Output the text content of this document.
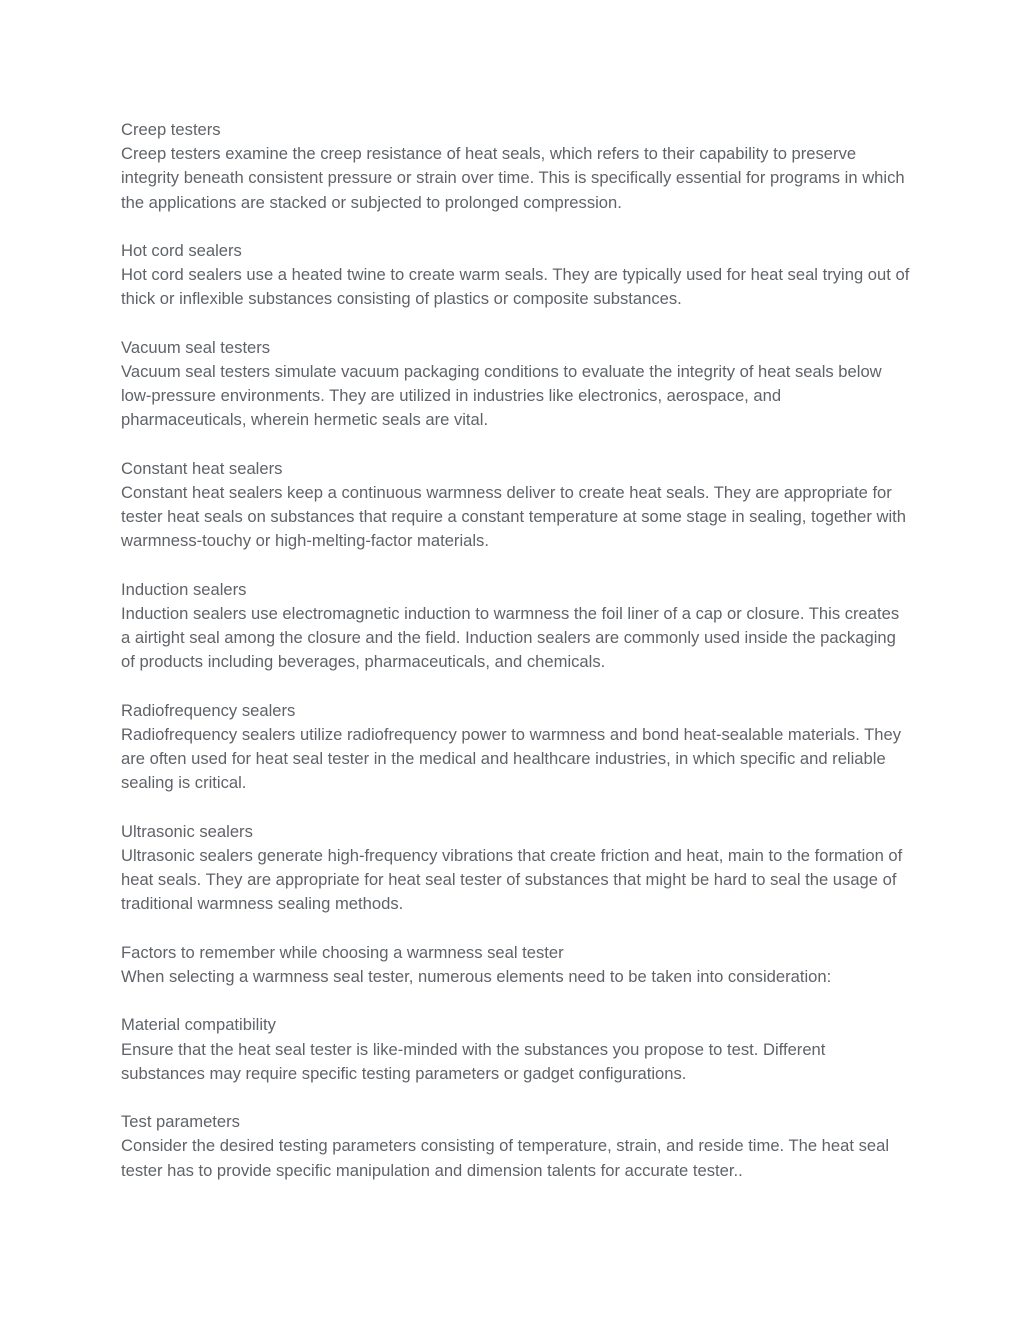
Creep testers

Creep testers examine the creep resistance of heat seals, which refers to their capability to preserve integrity beneath consistent pressure or strain over time. This is specifically essential for programs in which the applications are stacked or subjected to prolonged compression.

Hot cord sealers

Hot cord sealers use a heated twine to create warm seals. They are typically used for heat seal trying out of thick or inflexible substances consisting of plastics or composite substances.

Vacuum seal testers

Vacuum seal testers simulate vacuum packaging conditions to evaluate the integrity of heat seals below low-pressure environments. They are utilized in industries like electronics, aerospace, and pharmaceuticals, wherein hermetic seals are vital.

Constant heat sealers

Constant heat sealers keep a continuous warmness deliver to create heat seals. They are appropriate for tester heat seals on substances that require a constant temperature at some stage in sealing, together with warmness-touchy or high-melting-factor materials.

Induction sealers

Induction sealers use electromagnetic induction to warmness the foil liner of a cap or closure. This creates a airtight seal among the closure and the field. Induction sealers are commonly used inside the packaging of products including beverages, pharmaceuticals, and chemicals.

Radiofrequency sealers

Radiofrequency sealers utilize radiofrequency power to warmness and bond heat-sealable materials. They are often used for heat seal tester in the medical and healthcare industries, in which specific and reliable sealing is critical.

Ultrasonic sealers

Ultrasonic sealers generate high-frequency vibrations that create friction and heat, main to the formation of heat seals. They are appropriate for heat seal tester of substances that might be hard to seal the usage of traditional warmness sealing methods.

Factors to remember while choosing a warmness seal tester

When selecting a warmness seal tester, numerous elements need to be taken into consideration:

Material compatibility

Ensure that the heat seal tester is like-minded with the substances you propose to test. Different substances may require specific testing parameters or gadget configurations.

Test parameters

Consider the desired testing parameters consisting of temperature, strain, and reside time. The heat seal tester has to provide specific manipulation and dimension talents for accurate tester..
